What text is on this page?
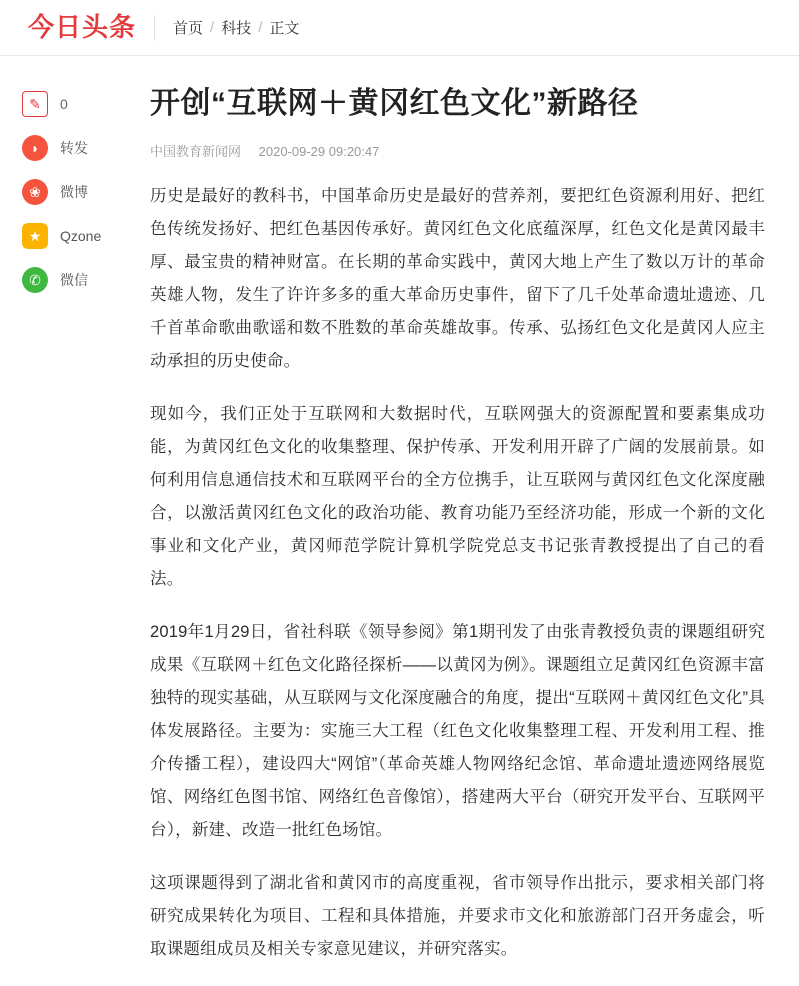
今日头条	首页 / 科技 / 正文
✎	0
◗	转发
❀	微博
★	Qzone
✆	微信
开创“互联网＋黄冈红色文化”新路径
中国教育新闻网 2020-09-29 09:20:47

历史是最好的教科书，中国革命历史是最好的营养剂，要把红色资源利用好、把红色传统发扬好、把红色基因传承好。黄冈红色文化底蕴深厚，红色文化是黄冈最丰厚、最宝贵的精神财富。在长期的革命实践中，黄冈大地上产生了数以万计的革命英雄人物，发生了许许多多的重大革命历史事件，留下了几千处革命遗址遗迹、几千首革命歌曲歌谣和数不胜数的革命英雄故事。传承、弘扬红色文化是黄冈人应主动承担的历史使命。

现如今，我们正处于互联网和大数据时代，互联网强大的资源配置和要素集成功能，为黄冈红色文化的收集整理、保护传承、开发利用开辟了广阔的发展前景。如何利用信息通信技术和互联网平台的全方位携手，让互联网与黄冈红色文化深度融合，以激活黄冈红色文化的政治功能、教育功能乃至经济功能，形成一个新的文化事业和文化产业，黄冈师范学院计算机学院党总支书记张青教授提出了自己的看法。

2019年1月29日，省社科联《领导参阅》第1期刊发了由张青教授负责的课题组研究成果《互联网＋红色文化路径探析——以黄冈为例》。课题组立足黄冈红色资源丰富独特的现实基础，从互联网与文化深度融合的角度，提出“互联网＋黄冈红色文化”具体发展路径。主要为：实施三大工程（红色文化收集整理工程、开发利用工程、推介传播工程），建设四大“网馆”（革命英雄人物网络纪念馆、革命遗址遗迹网络展览馆、网络红色图书馆、网络红色音像馆），搭建两大平台（研究开发平台、互联网平台），新建、改造一批红色场馆。

这项课题得到了湖北省和黄冈市的高度重视，省市领导作出批示，要求相关部门将研究成果转化为项目、工程和具体措施，并要求市文化和旅游部门召开务虚会，听取课题组成员及相关专家意见建议，并研究落实。
